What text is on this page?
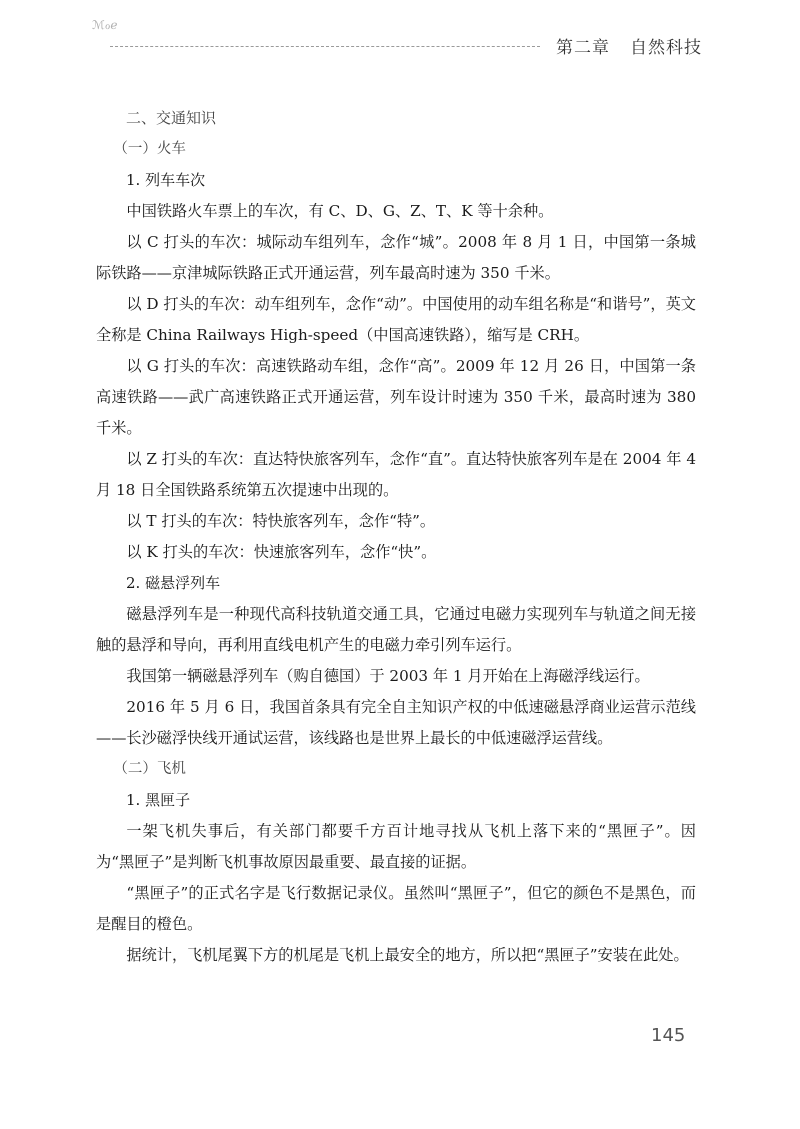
ℳℴℯ
第二章 自然科技

二、交通知识

（一）火车

1. 列车车次

中国铁路火车票上的车次，有 C、D、G、Z、T、K 等十余种。

以 C 打头的车次：城际动车组列车，念作“城”。2008 年 8 月 1 日，中国第一条城际铁路——京津城际铁路正式开通运营，列车最高时速为 350 千米。

以 D 打头的车次：动车组列车，念作“动”。中国使用的动车组名称是“和谐号”，英文全称是 China Railways High-speed（中国高速铁路），缩写是 CRH。

以 G 打头的车次：高速铁路动车组，念作“高”。2009 年 12 月 26 日，中国第一条高速铁路——武广高速铁路正式开通运营，列车设计时速为 350 千米，最高时速为 380 千米。

以 Z 打头的车次：直达特快旅客列车，念作“直”。直达特快旅客列车是在 2004 年 4 月 18 日全国铁路系统第五次提速中出现的。

以 T 打头的车次：特快旅客列车，念作“特”。

以 K 打头的车次：快速旅客列车，念作“快”。

2. 磁悬浮列车

磁悬浮列车是一种现代高科技轨道交通工具，它通过电磁力实现列车与轨道之间无接触的悬浮和导向，再利用直线电机产生的电磁力牵引列车运行。

我国第一辆磁悬浮列车（购自德国）于 2003 年 1 月开始在上海磁浮线运行。

2016 年 5 月 6 日，我国首条具有完全自主知识产权的中低速磁悬浮商业运营示范线——长沙磁浮快线开通试运营，该线路也是世界上最长的中低速磁浮运营线。

（二）飞机

1. 黑匣子

一架飞机失事后，有关部门都要千方百计地寻找从飞机上落下来的“黑匣子”。因为“黑匣子”是判断飞机事故原因最重要、最直接的证据。

“黑匣子”的正式名字是飞行数据记录仪。虽然叫“黑匣子”，但它的颜色不是黑色，而是醒目的橙色。

据统计，飞机尾翼下方的机尾是飞机上最安全的地方，所以把“黑匣子”安装在此处。

145
